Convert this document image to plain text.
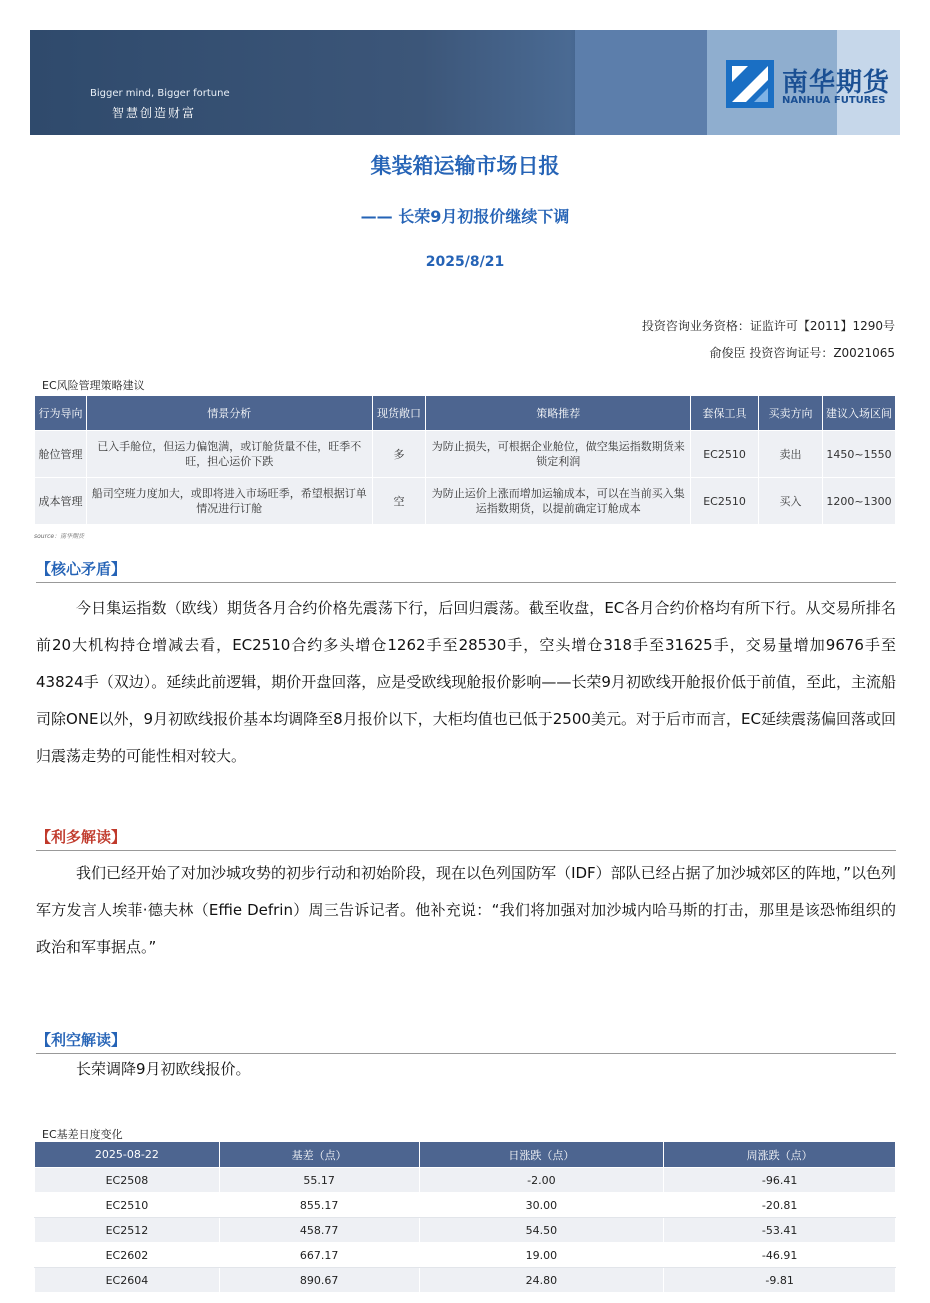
Bigger mind, Bigger fortune
智慧创造财富
南华期货
NANHUA FUTURES
集装箱运输市场日报
—— 长荣9月初报价继续下调
2025/8/21
投资咨询业务资格：证监许可【2011】1290号
俞俊臣 投资咨询证号：Z0021065
EC风险管理策略建议
行为导向	情景分析	现货敞口	策略推荐	套保工具	买卖方向	建议入场区间
舱位管理	已入手舱位，但运力偏饱满，或订舱货量不佳，旺季不旺，担心运价下跌	多	为防止损失，可根据企业舱位，做空集运指数期货来锁定利润	EC2510	卖出	1450~1550
成本管理	船司空班力度加大，或即将进入市场旺季，希望根据订单情况进行订舱	空	为防止运价上涨而增加运输成本，可以在当前买入集运指数期货，以提前确定订舱成本	EC2510	买入	1200~1300
source：南华期货
【核心矛盾】
今日集运指数（欧线）期货各月合约价格先震荡下行，后回归震荡。截至收盘，EC各月合约价格均有所下行。从交易所排名前20大机构持仓增减去看，EC2510合约多头增仓1262手至28530手，空头增仓318手至31625手，交易量增加9676手至43824手（双边）。延续此前逻辑，期价开盘回落，应是受欧线现舱报价影响——长荣9月初欧线开舱报价低于前值，至此，主流船司除ONE以外，9月初欧线报价基本均调降至8月报价以下，大柜均值也已低于2500美元。对于后市而言，EC延续震荡偏回落或回归震荡走势的可能性相对较大。
【利多解读】
我们已经开始了对加沙城攻势的初步行动和初始阶段，现在以色列国防军（IDF）部队已经占据了加沙城郊区的阵地，”以色列军方发言人埃菲·德夫林（Effie Defrin）周三告诉记者。他补充说：“我们将加强对加沙城内哈马斯的打击，那里是该恐怖组织的政治和军事据点。”
【利空解读】
长荣调降9月初欧线报价。
EC基差日度变化
2025-08-22	基差（点）	日涨跌（点）	周涨跌（点）
EC2508	55.17	-2.00	-96.41
EC2510	855.17	30.00	-20.81
EC2512	458.77	54.50	-53.41
EC2602	667.17	19.00	-46.91
EC2604	890.67	24.80	-9.81
